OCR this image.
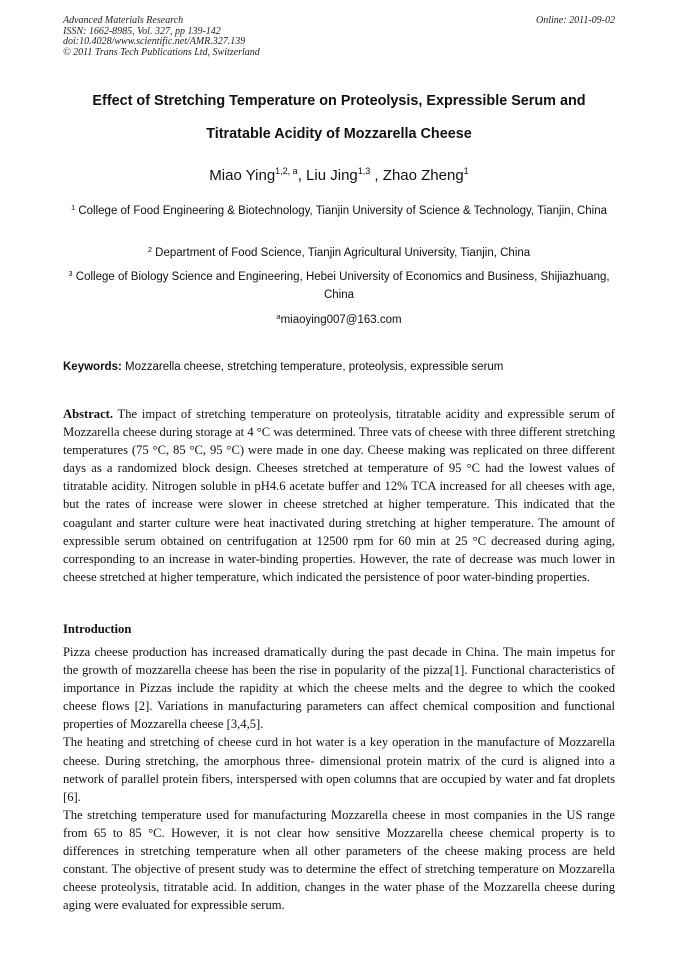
Advanced Materials Research
ISSN: 1662-8985, Vol. 327, pp 139-142
doi:10.4028/www.scientific.net/AMR.327.139
© 2011 Trans Tech Publications Ltd, Switzerland
Online: 2011-09-02
Effect of Stretching Temperature on Proteolysis, Expressible Serum and
Titratable Acidity of Mozzarella Cheese
Miao Ying$^{1,2, a}$, Liu Jing$^{1,3}$ , Zhao Zheng$^1$
$^1$ College of Food Engineering & Biotechnology, Tianjin University of Science & Technology, Tianjin, China
$^2$ Department of Food Science, Tianjin Agricultural University, Tianjin, China
$^3$ College of Biology Science and Engineering, Hebei University of Economics and Business, Shijiazhuang, China
$^a$miaoying007@163.com
Keywords: Mozzarella cheese, stretching temperature, proteolysis, expressible serum
Abstract. The impact of stretching temperature on proteolysis, titratable acidity and expressible serum of Mozzarella cheese during storage at 4 °C was determined. Three vats of cheese with three different stretching temperatures (75 °C, 85 °C, 95 °C) were made in one day. Cheese making was replicated on three different days as a randomized block design. Cheeses stretched at temperature of 95 °C had the lowest values of titratable acidity. Nitrogen soluble in pH4.6 acetate buffer and 12% TCA increased for all cheeses with age, but the rates of increase were slower in cheese stretched at higher temperature. This indicated that the coagulant and starter culture were heat inactivated during stretching at higher temperature. The amount of expressible serum obtained on centrifugation at 12500 rpm for 60 min at 25 °C decreased during aging, corresponding to an increase in water-binding properties. However, the rate of decrease was much lower in cheese stretched at higher temperature, which indicated the persistence of poor water-binding properties.
Introduction

Pizza cheese production has increased dramatically during the past decade in China. The main impetus for the growth of mozzarella cheese has been the rise in popularity of the pizza[1]. Functional characteristics of importance in Pizzas include the rapidity at which the cheese melts and the degree to which the cooked cheese flows [2]. Variations in manufacturing parameters can affect chemical composition and functional properties of Mozzarella cheese [3,4,5].

The heating and stretching of cheese curd in hot water is a key operation in the manufacture of Mozzarella cheese. During stretching, the amorphous three- dimensional protein matrix of the curd is aligned into a network of parallel protein fibers, interspersed with open columns that are occupied by water and fat droplets [6].

The stretching temperature used for manufacturing Mozzarella cheese in most companies in the US range from 65 to 85 °C. However, it is not clear how sensitive Mozzarella cheese chemical property is to differences in stretching temperature when all other parameters of the cheese making process are held constant. The objective of present study was to determine the effect of stretching temperature on Mozzarella cheese proteolysis, titratable acid. In addition, changes in the water phase of the Mozzarella cheese during aging were evaluated for expressible serum.
